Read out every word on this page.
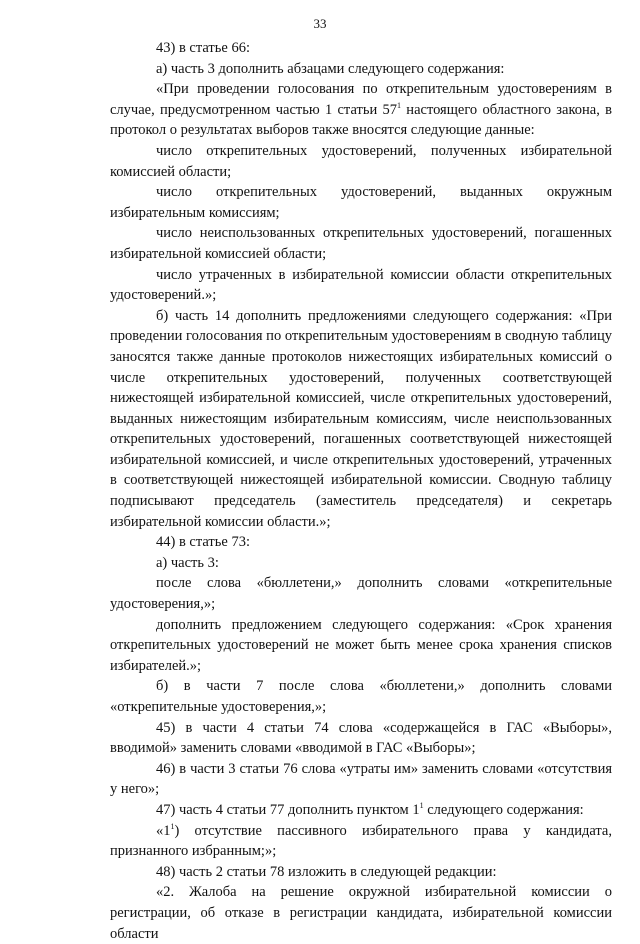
33

43) в статье 66:

а) часть 3 дополнить абзацами следующего содержания:

«При проведении голосования по открепительным удостоверениям в случае, предусмотренном частью 1 статьи $57^1$ настоящего областного закона, в протокол о результатах выборов также вносятся следующие данные:

число открепительных удостоверений, полученных избирательной комиссией области;

число открепительных удостоверений, выданных окружным избирательным комиссиям;

число неиспользованных открепительных удостоверений, погашенных избирательной комиссией области;

число утраченных в избирательной комиссии области открепительных удостоверений.»;

б) часть 14 дополнить предложениями следующего содержания: «При проведении голосования по открепительным удостоверениям в сводную таблицу заносятся также данные протоколов нижестоящих избирательных комиссий о числе открепительных удостоверений, полученных соответствующей нижестоящей избирательной комиссией, числе открепительных удостоверений, выданных нижестоящим избирательным комиссиям, числе неиспользованных открепительных удостоверений, погашенных соответствующей нижестоящей избирательной комиссией, и числе открепительных удостоверений, утраченных в соответствующей нижестоящей избирательной комиссии. Сводную таблицу подписывают председатель (заместитель председателя) и секретарь избирательной комиссии области.»;

44) в статье 73:

а) часть 3:

после слова «бюллетени,» дополнить словами «открепительные удостоверения,»;

дополнить предложением следующего содержания: «Срок хранения открепительных удостоверений не может быть менее срока хранения списков избирателей.»;

б) в части 7 после слова «бюллетени,» дополнить словами «открепительные удостоверения,»;

45) в части 4 статьи 74 слова «содержащейся в ГАС «Выборы», вводимой» заменить словами «вводимой в ГАС «Выборы»;

46) в части 3 статьи 76 слова «утраты им» заменить словами «отсутствия у него»;

47) часть 4 статьи 77 дополнить пунктом $1^1$ следующего содержания:

«$1^1$) отсутствие пассивного избирательного права у кандидата, признанного избранным;»;

48) часть 2 статьи 78 изложить в следующей редакции:

«2. Жалоба на решение окружной избирательной комиссии о регистрации, об отказе в регистрации кандидата, избирательной комиссии области
